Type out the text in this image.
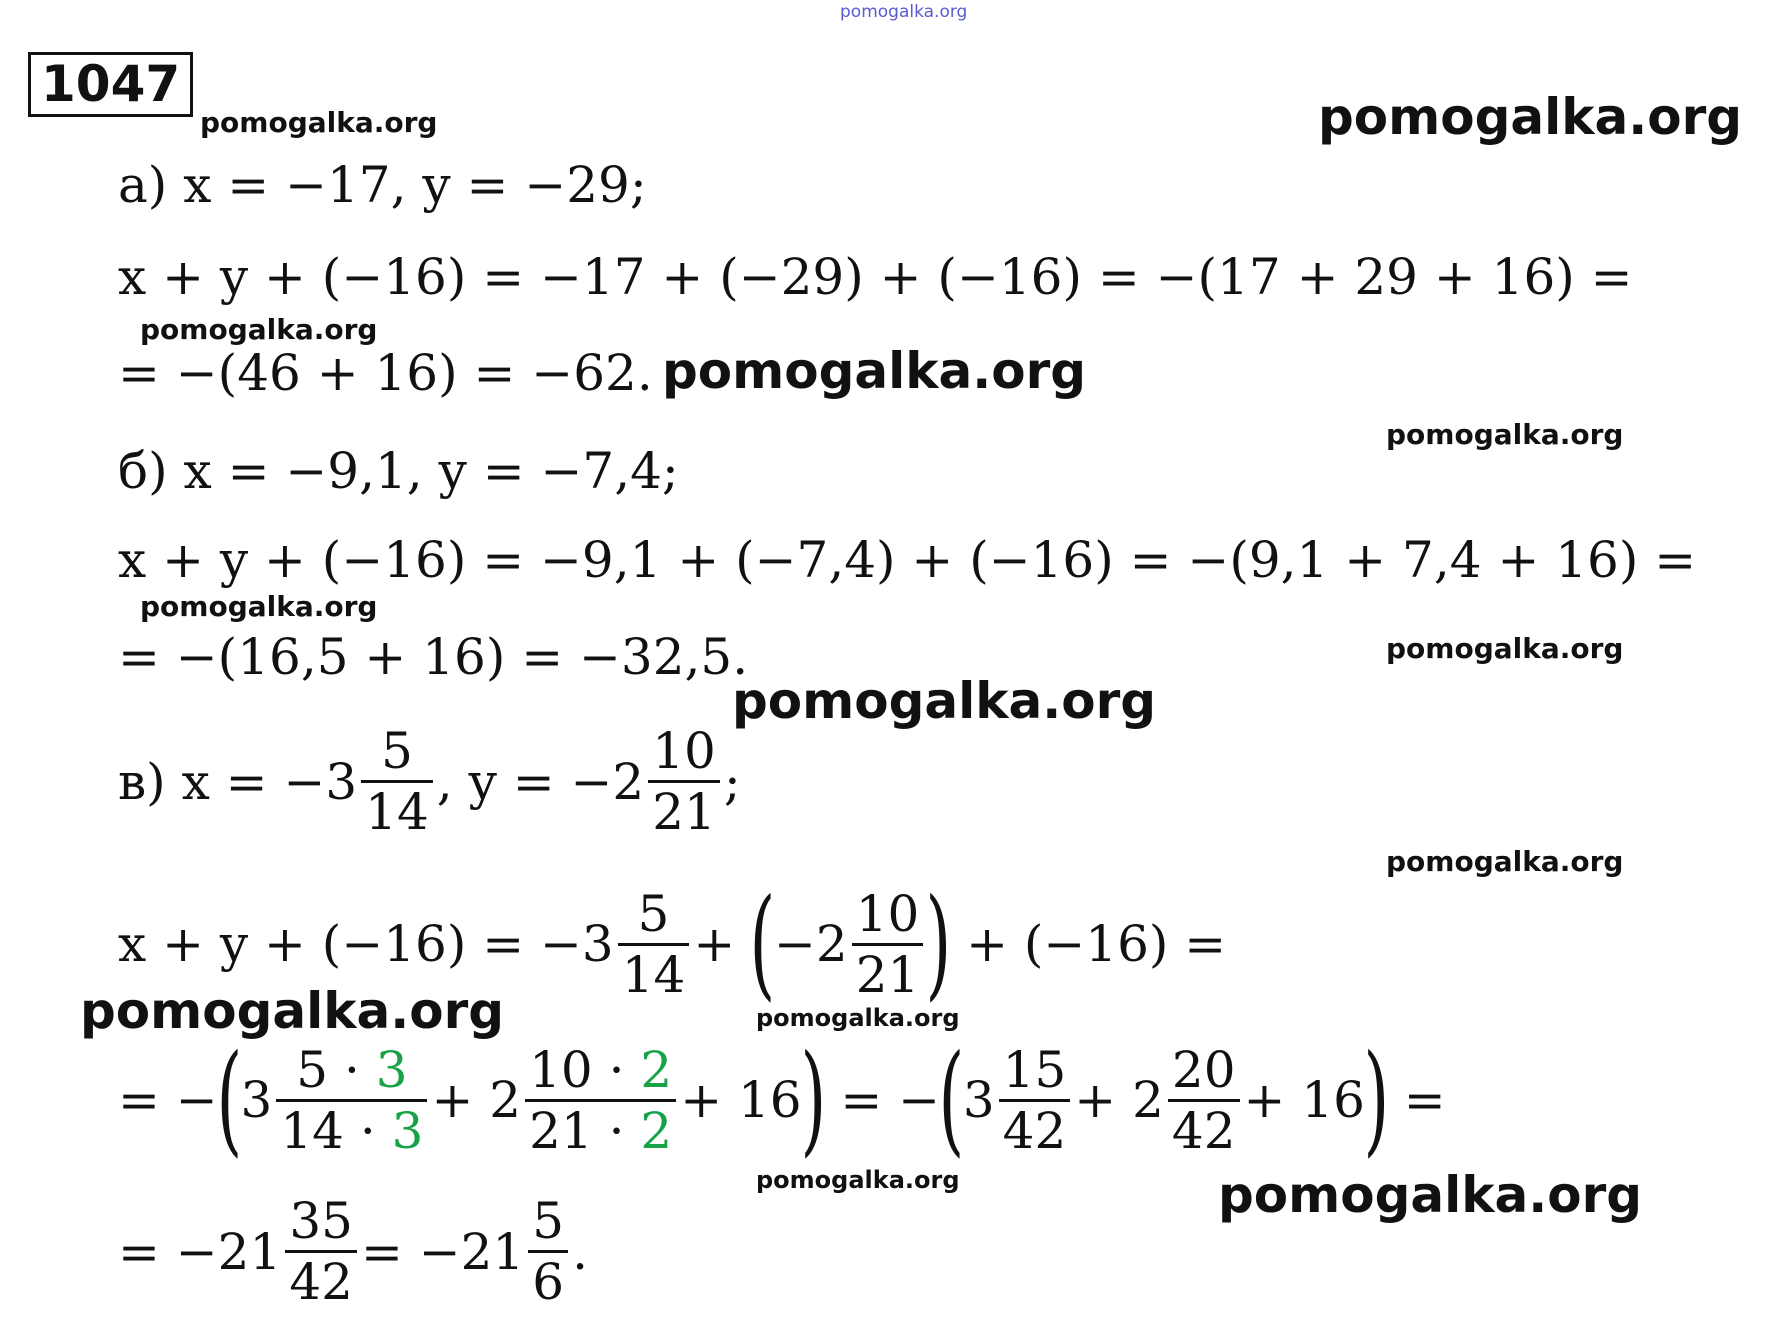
pomogalka.org
1047
pomogalka.org	pomogalka.org
pomogalka.org
pomogalka.org
pomogalka.org
pomogalka.org
pomogalka.org
pomogalka.org
pomogalka.org
pomogalka.org	pomogalka.org
pomogalka.org	pomogalka.org
а) x = −17, y = −29;
x + y + (−16) = −17 + (−29) + (−16) = −(17 + 29 + 16) =
= −(46 + 16) = −62.
б) x = −9,1, y = −7,4;
x + y + (−16) = −9,1 + (−7,4) + (−16) = −(9,1 + 7,4 + 16) =
= −(16,5 + 16) = −32,5.
в)
$x = -3 \frac{5}{14}$ , $y = -2 \frac{10}{21}$ ;
$x + y + (-16) = -3 \frac{5}{14}$ +
(
$-2 \frac{10}{21}$ )
+ (−16) =
= −
(
$3 \frac{5 \cdot 3}{14 \cdot 3} + 2 \frac{10 \cdot 2}{21 \cdot 2} + 16$
)
= −
(
$3 \frac{15}{42} + 2 \frac{20}{42} + 16$
)
=
= $-21 \frac{35}{42} = -21 \frac{5}{6}$ .
